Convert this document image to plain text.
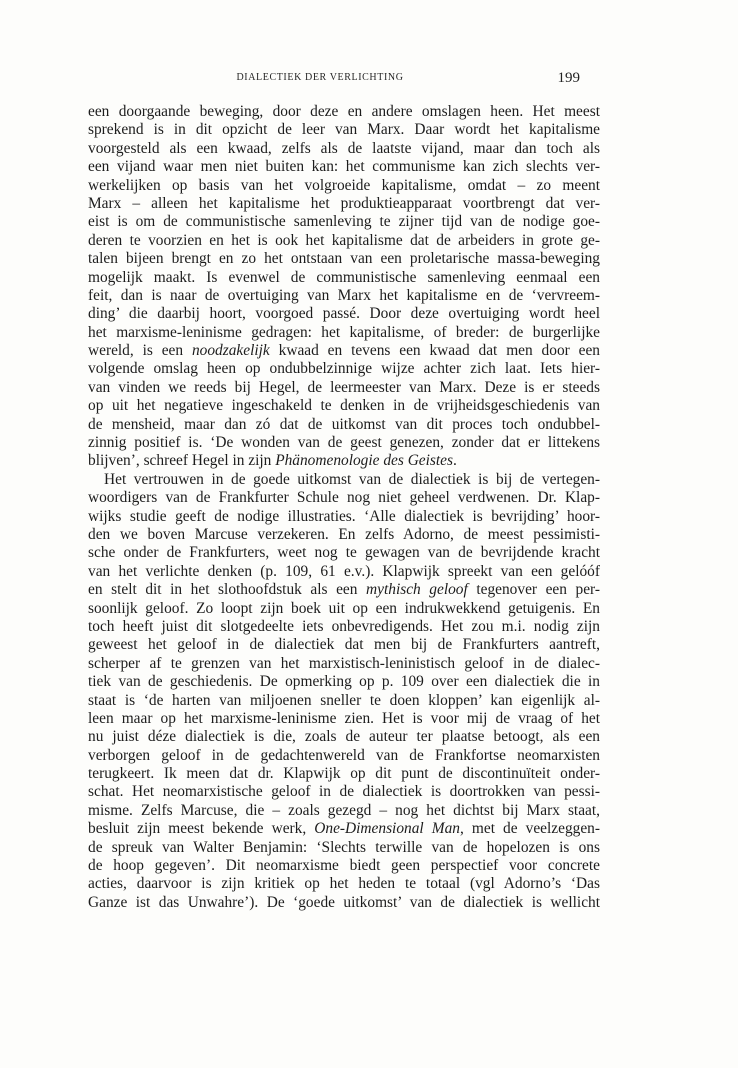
DIALECTIEK DER VERLICHTING	199
een doorgaande beweging, door deze en andere omslagen heen. Het meest
sprekend is in dit opzicht de leer van Marx. Daar wordt het kapitalisme
voorgesteld als een kwaad, zelfs als de laatste vijand, maar dan toch als
een vijand waar men niet buiten kan: het communisme kan zich slechts ver-
werkelijken op basis van het volgroeide kapitalisme, omdat – zo meent
Marx – alleen het kapitalisme het produktieapparaat voortbrengt dat ver-
eist is om de communistische samenleving te zijner tijd van de nodige goe-
deren te voorzien en het is ook het kapitalisme dat de arbeiders in grote ge-
talen bijeen brengt en zo het ontstaan van een proletarische massa-beweging
mogelijk maakt. Is evenwel de communistische samenleving eenmaal een
feit, dan is naar de overtuiging van Marx het kapitalisme en de ‘vervreem-
ding’ die daarbij hoort, voorgoed passé. Door deze overtuiging wordt heel
het marxisme-leninisme gedragen: het kapitalisme, of breder: de burgerlijke
wereld, is een noodzakelijk kwaad en tevens een kwaad dat men door een
volgende omslag heen op ondubbelzinnige wijze achter zich laat. Iets hier-
van vinden we reeds bij Hegel, de leermeester van Marx. Deze is er steeds
op uit het negatieve ingeschakeld te denken in de vrijheidsgeschiedenis van
de mensheid, maar dan zó dat de uitkomst van dit proces toch ondubbel-
zinnig positief is. ‘De wonden van de geest genezen, zonder dat er littekens
blijven’, schreef Hegel in zijn Phänomenologie des Geistes.
Het vertrouwen in de goede uitkomst van de dialectiek is bij de vertegen-
woordigers van de Frankfurter Schule nog niet geheel verdwenen. Dr. Klap-
wijks studie geeft de nodige illustraties. ‘Alle dialectiek is bevrijding’ hoor-
den we boven Marcuse verzekeren. En zelfs Adorno, de meest pessimisti-
sche onder de Frankfurters, weet nog te gewagen van de bevrijdende kracht
van het verlichte denken (p. 109, 61 e.v.). Klapwijk spreekt van een gelóóf
en stelt dit in het slothoofdstuk als een mythisch geloof tegenover een per-
soonlijk geloof. Zo loopt zijn boek uit op een indrukwekkend getuigenis. En
toch heeft juist dit slotgedeelte iets onbevredigends. Het zou m.i. nodig zijn
geweest het geloof in de dialectiek dat men bij de Frankfurters aantreft,
scherper af te grenzen van het marxistisch-leninistisch geloof in de dialec-
tiek van de geschiedenis. De opmerking op p. 109 over een dialectiek die in
staat is ‘de harten van miljoenen sneller te doen kloppen’ kan eigenlijk al-
leen maar op het marxisme-leninisme zien. Het is voor mij de vraag of het
nu juist déze dialectiek is die, zoals de auteur ter plaatse betoogt, als een
verborgen geloof in de gedachtenwereld van de Frankfortse neomarxisten
terugkeert. Ik meen dat dr. Klapwijk op dit punt de discontinuïteit onder-
schat. Het neomarxistische geloof in de dialectiek is doortrokken van pessi-
misme. Zelfs Marcuse, die – zoals gezegd – nog het dichtst bij Marx staat,
besluit zijn meest bekende werk, One-Dimensional Man, met de veelzeggen-
de spreuk van Walter Benjamin: ‘Slechts terwille van de hopelozen is ons
de hoop gegeven’. Dit neomarxisme biedt geen perspectief voor concrete
acties, daarvoor is zijn kritiek op het heden te totaal (vgl Adorno’s ‘Das
Ganze ist das Unwahre’). De ‘goede uitkomst’ van de dialectiek is wellicht
